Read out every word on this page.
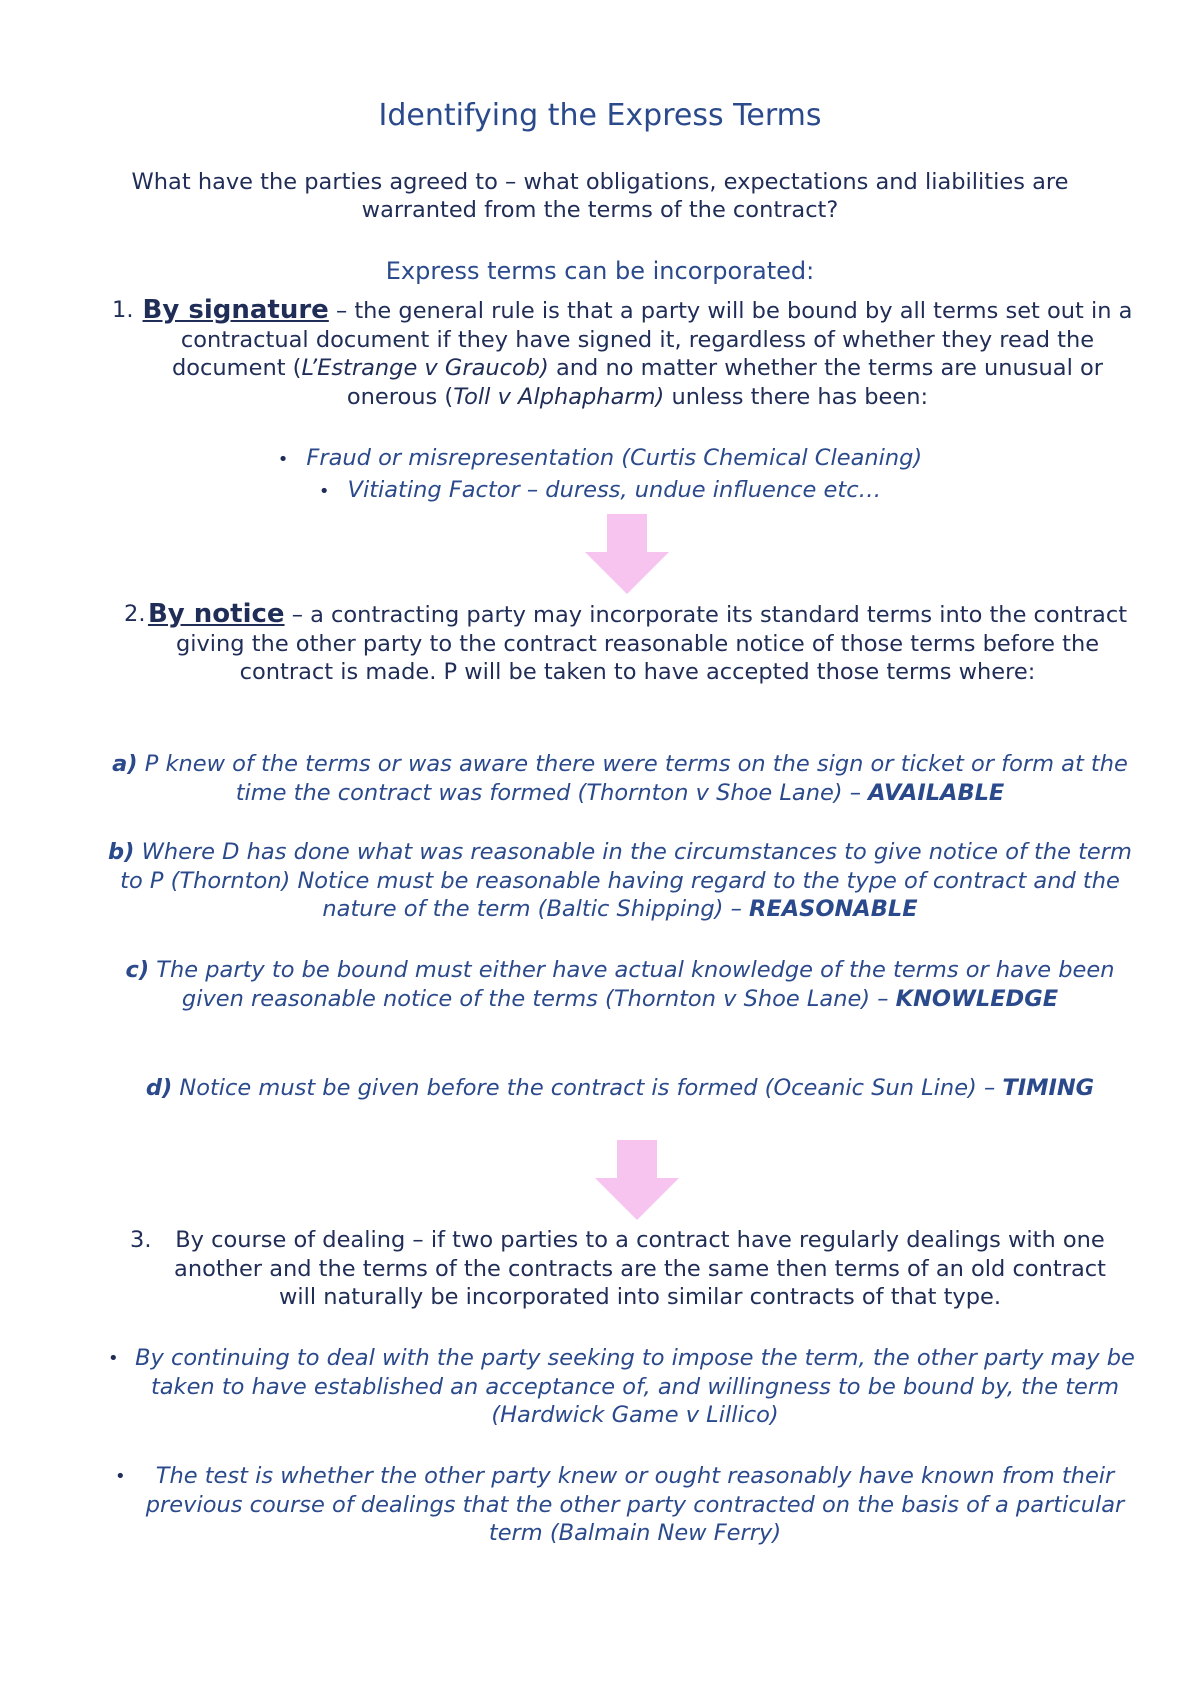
Identifying the Express Terms
What have the parties agreed to – what obligations, expectations and liabilities are warranted from the terms of the contract?
Express terms can be incorporated:
1. By signature – the general rule is that a party will be bound by all terms set out in a contractual document if they have signed it, regardless of whether they read the document (L’Estrange v Graucob) and no matter whether the terms are unusual or onerous (Toll v Alphapharm) unless there has been:
• Fraud or misrepresentation (Curtis Chemical Cleaning)
• Vitiating Factor – duress, undue influence etc…
2. By notice – a contracting party may incorporate its standard terms into the contract giving the other party to the contract reasonable notice of those terms before the contract is made. P will be taken to have accepted those terms where:
a) P knew of the terms or was aware there were terms on the sign or ticket or form at the time the contract was formed (Thornton v Shoe Lane) – AVAILABLE
b) Where D has done what was reasonable in the circumstances to give notice of the term to P (Thornton) Notice must be reasonable having regard to the type of contract and the nature of the term (Baltic Shipping) – REASONABLE
c) The party to be bound must either have actual knowledge of the terms or have been given reasonable notice of the terms (Thornton v Shoe Lane) – KNOWLEDGE
d) Notice must be given before the contract is formed (Oceanic Sun Line) – TIMING
3.	By course of dealing – if two parties to a contract have regularly dealings with one another and the terms of the contracts are the same then terms of an old contract will naturally be incorporated into similar contracts of that type.
• By continuing to deal with the party seeking to impose the term, the other party may be taken to have established an acceptance of, and willingness to be bound by, the term (Hardwick Game v Lillico)
•	The test is whether the other party knew or ought reasonably have known from their previous course of dealings that the other party contracted on the basis of a particular term (Balmain New Ferry)
